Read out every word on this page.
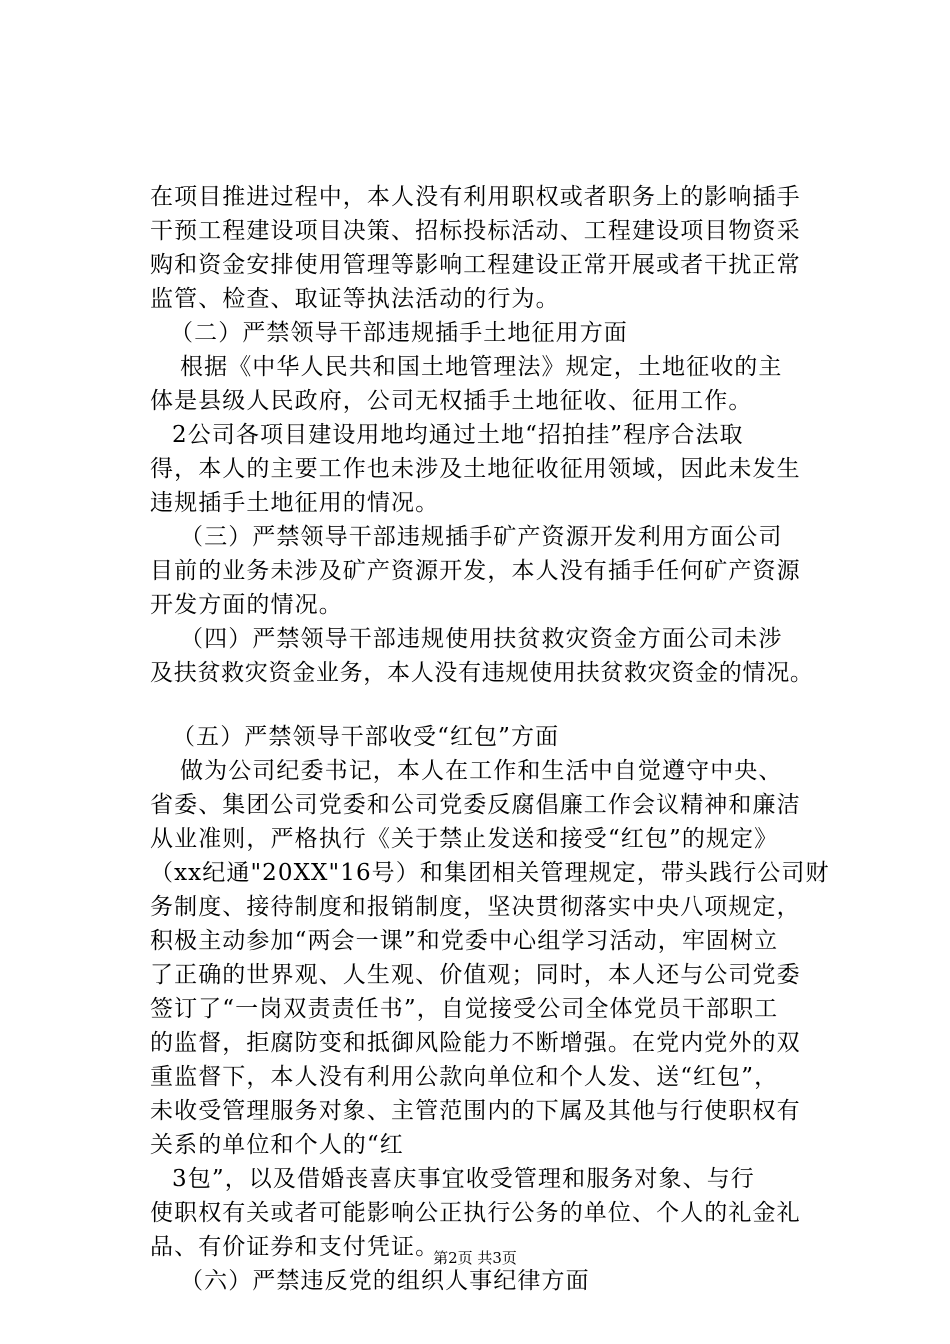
在项目推进过程中，本人没有利用职权或者职务上的影响插手
干预工程建设项目决策、招标投标活动、工程建设项目物资采
购和资金安排使用管理等影响工程建设正常开展或者干扰正常
监管、检查、取证等执法活动的行为。
（二）严禁领导干部违规插手土地征用方面
根据《中华人民共和国土地管理法》规定，土地征收的主
体是县级人民政府，公司无权插手土地征收、征用工作。
2公司各项目建设用地均通过土地“招拍挂”程序合法取
得，本人的主要工作也未涉及土地征收征用领域，因此未发生
违规插手土地征用的情况。
（三）严禁领导干部违规插手矿产资源开发利用方面公司
目前的业务未涉及矿产资源开发，本人没有插手任何矿产资源
开发方面的情况。
（四）严禁领导干部违规使用扶贫救灾资金方面公司未涉
及扶贫救灾资金业务，本人没有违规使用扶贫救灾资金的情况。
（五）严禁领导干部收受“红包”方面
做为公司纪委书记，本人在工作和生活中自觉遵守中央、
省委、集团公司党委和公司党委反腐倡廉工作会议精神和廉洁
从业准则，严格执行《关于禁止发送和接受“红包”的规定》
（xx纪通"20XX"16号）和集团相关管理规定，带头践行公司财
务制度、接待制度和报销制度，坚决贯彻落实中央八项规定，
积极主动参加“两会一课”和党委中心组学习活动，牢固树立
了正确的世界观、人生观、价值观；同时，本人还与公司党委
签订了“一岗双责责任书”，自觉接受公司全体党员干部职工
的监督，拒腐防变和抵御风险能力不断增强。在党内党外的双
重监督下，本人没有利用公款向单位和个人发、送“红包”，
未收受管理服务对象、主管范围内的下属及其他与行使职权有
关系的单位和个人的“红
3包”，以及借婚丧喜庆事宜收受管理和服务对象、与行
使职权有关或者可能影响公正执行公务的单位、个人的礼金礼
品、有价证券和支付凭证。
（六）严禁违反党的组织人事纪律方面
第2页 共3页
